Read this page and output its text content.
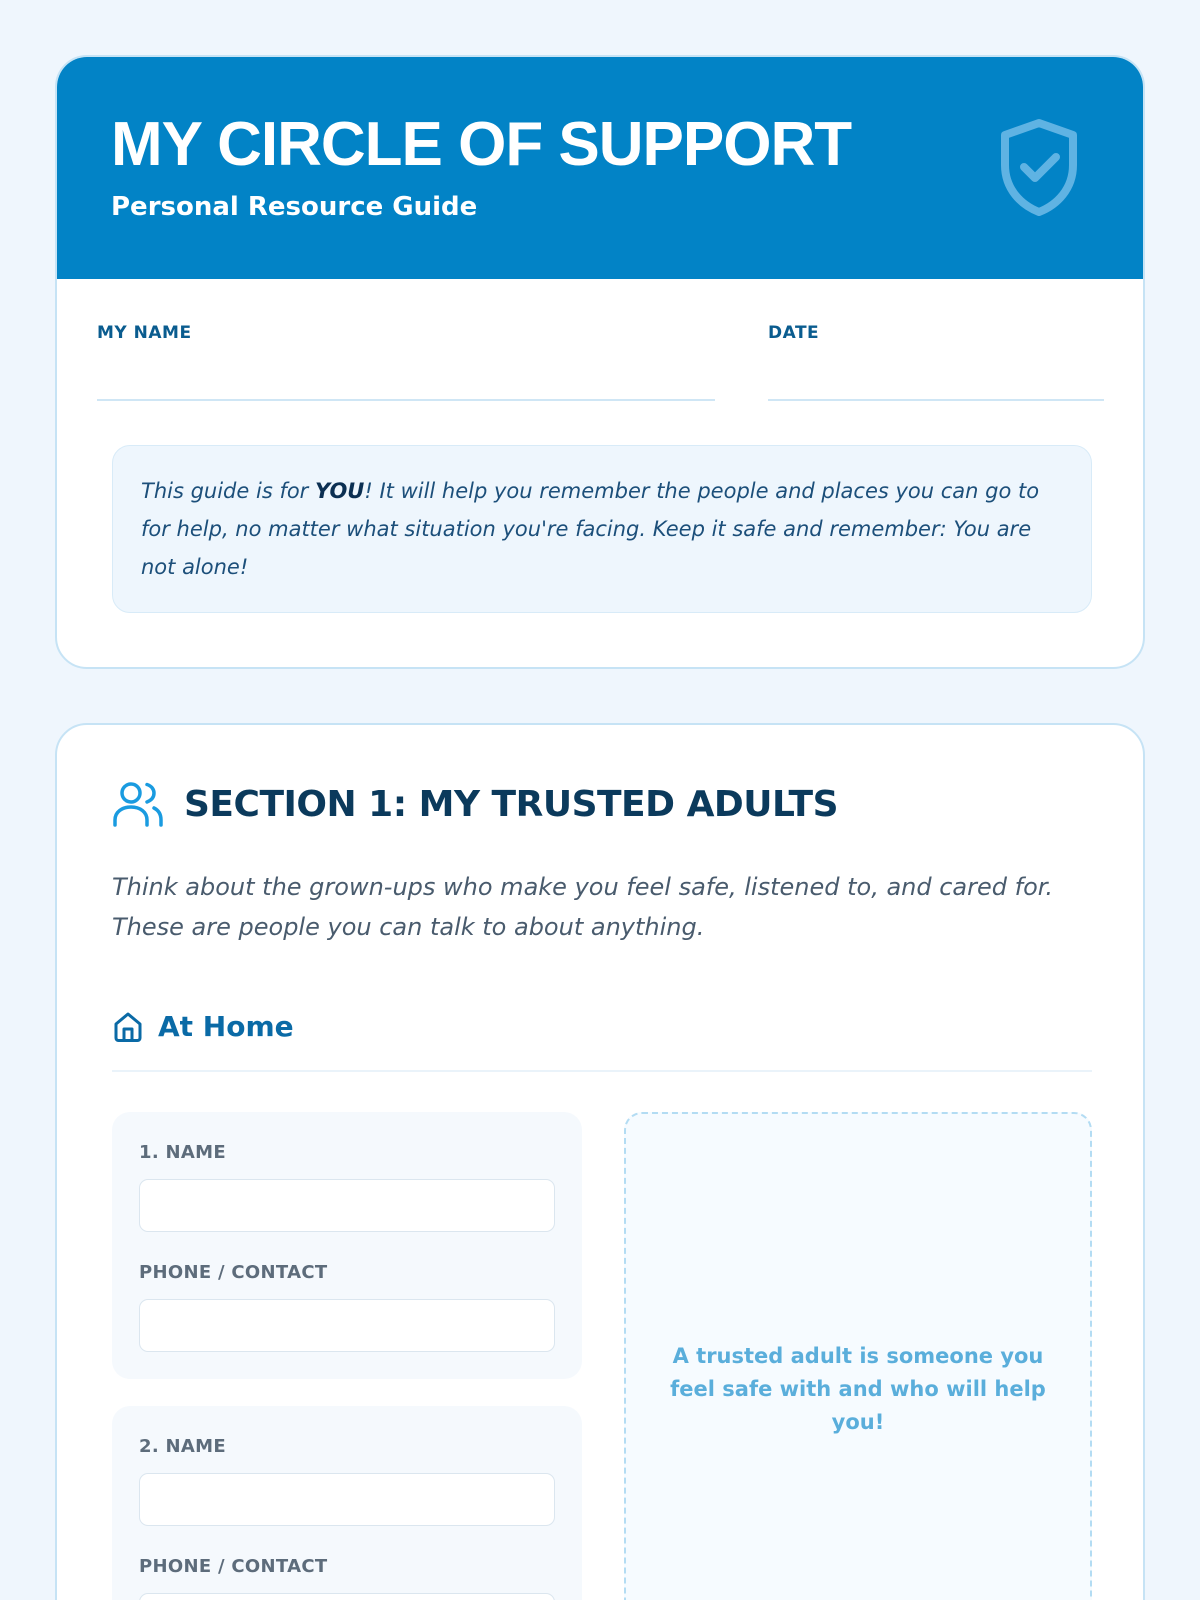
MY CIRCLE OF SUPPORT
Personal Resource Guide
MY NAME	DATE
This guide is for YOU! It will help you remember the people and places you can go to for help, no matter what situation you're facing. Keep it safe and remember: You are not alone!
SECTION 1: MY TRUSTED ADULTS
Think about the grown-ups who make you feel safe, listened to, and cared for. These are people you can talk to about anything.
At Home
1. NAME
PHONE / CONTACT
2. NAME
PHONE / CONTACT
A trusted adult is someone you feel safe with and who will help you!
